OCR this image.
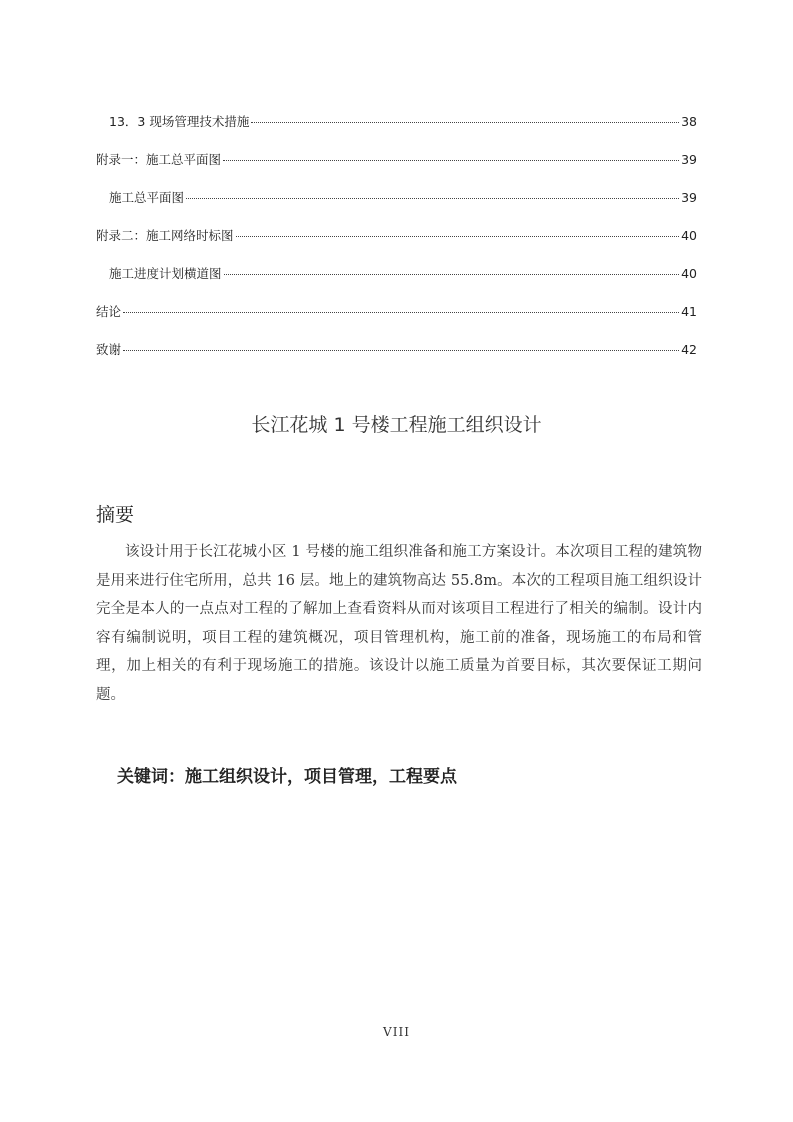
13．3 现场管理技术措施	38
附录一：施工总平面图	39
施工总平面图	39
附录二：施工网络时标图	40
施工进度计划横道图	40
结论	41
致谢	42
长江花城 1 号楼工程施工组织设计
摘要
该设计用于长江花城小区 1 号楼的施工组织准备和施工方案设计。本次项目工程的建筑物是用来进行住宅所用，总共 16 层。地上的建筑物高达 55.8m。本次的工程项目施工组织设计完全是本人的一点点对工程的了解加上查看资料从而对该项目工程进行了相关的编制。设计内容有编制说明，项目工程的建筑概况，项目管理机构，施工前的准备，现场施工的布局和管理，加上相关的有利于现场施工的措施。该设计以施工质量为首要目标，其次要保证工期问题。
关键词：施工组织设计，项目管理，工程要点
VIII
